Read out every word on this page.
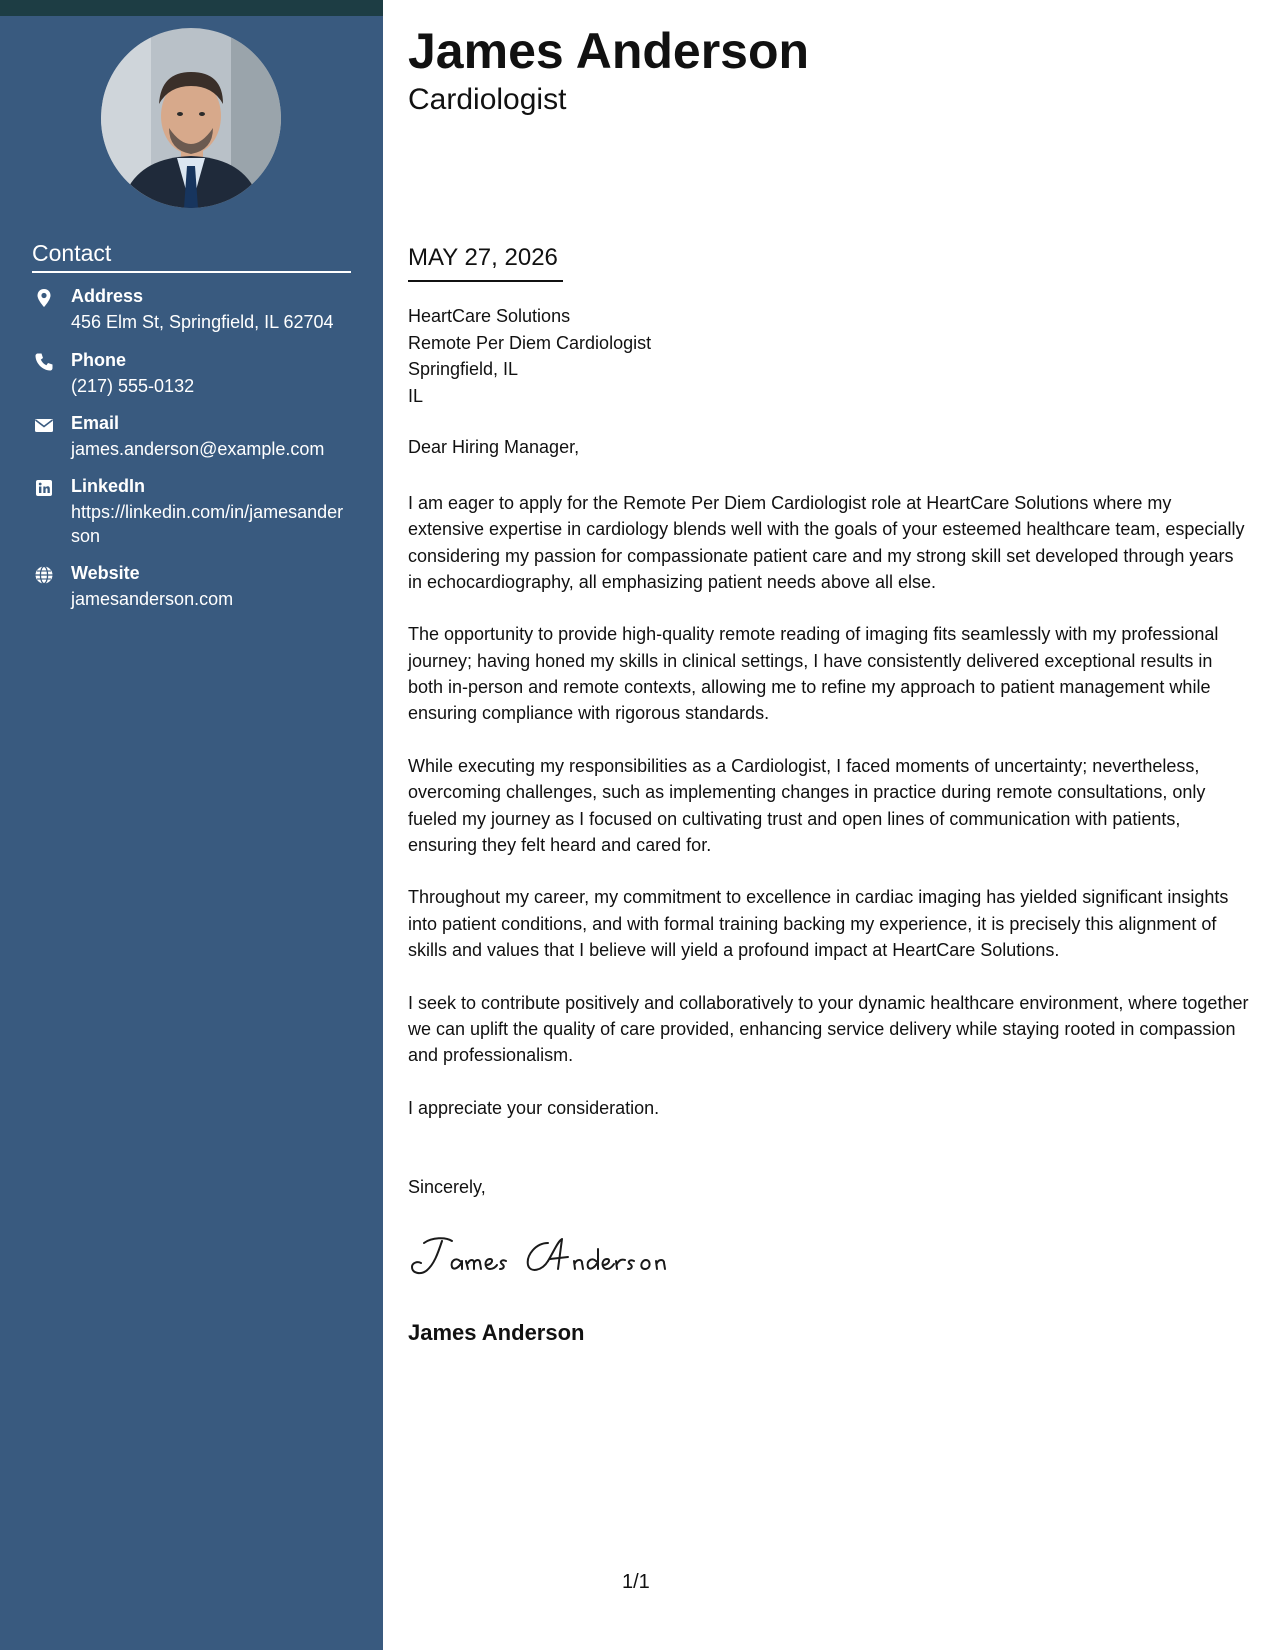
Contact
Address
456 Elm St, Springfield, IL 62704
Phone
(217) 555-0132
Email
james.anderson@example.com
LinkedIn
https://linkedin.com/in/jamesanderson
Website
jamesanderson.com
James Anderson
Cardiologist
MAY 27, 2026
HeartCare Solutions
Remote Per Diem Cardiologist
Springfield, IL
IL
Dear Hiring Manager,

I am eager to apply for the Remote Per Diem Cardiologist role at HeartCare Solutions where my extensive expertise in cardiology blends well with the goals of your esteemed healthcare team, especially considering my passion for compassionate patient care and my strong skill set developed through years in echocardiography, all emphasizing patient needs above all else.

The opportunity to provide high-quality remote reading of imaging fits seamlessly with my professional journey; having honed my skills in clinical settings, I have consistently delivered exceptional results in both in-person and remote contexts, allowing me to refine my approach to patient management while ensuring compliance with rigorous standards.

While executing my responsibilities as a Cardiologist, I faced moments of uncertainty; nevertheless, overcoming challenges, such as implementing changes in practice during remote consultations, only fueled my journey as I focused on cultivating trust and open lines of communication with patients, ensuring they felt heard and cared for.

Throughout my career, my commitment to excellence in cardiac imaging has yielded significant insights into patient conditions, and with formal training backing my experience, it is precisely this alignment of skills and values that I believe will yield a profound impact at HeartCare Solutions.

I seek to contribute positively and collaboratively to your dynamic healthcare environment, where together we can uplift the quality of care provided, enhancing service delivery while staying rooted in compassion and professionalism.

I appreciate your consideration.

Sincerely,
James Anderson
1/1
